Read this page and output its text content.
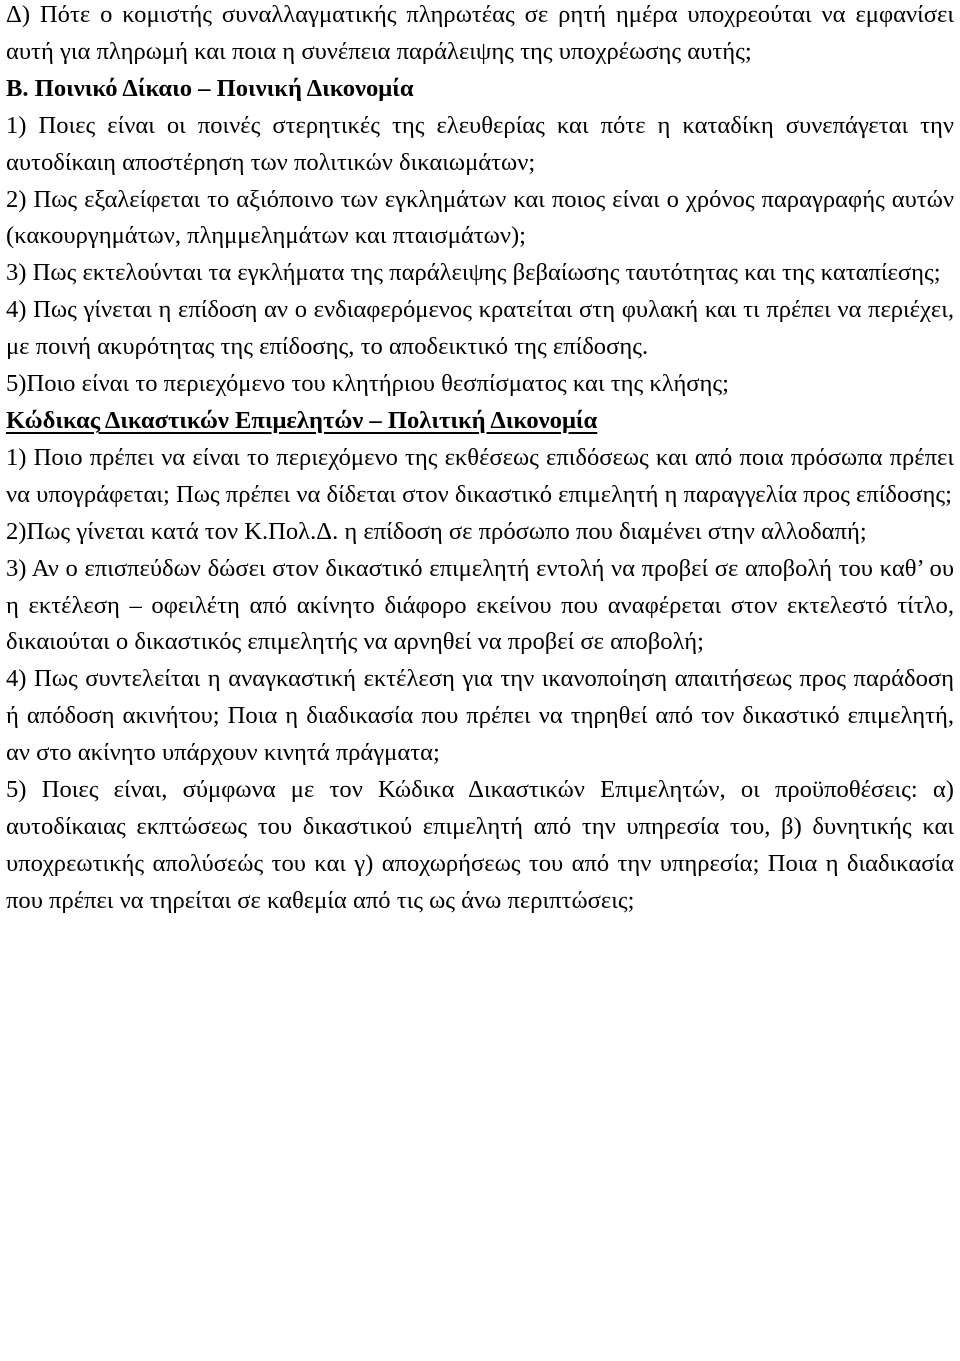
Δ) Πότε ο κομιστής συναλλαγματικής πληρωτέας σε ρητή ημέρα υποχρεούται να εμφανίσει αυτή για πληρωμή και ποια η συνέπεια παράλειψης της υποχρέωσης αυτής;

Β. Ποινικό Δίκαιο – Ποινική Δικονομία

1) Ποιες είναι οι ποινές στερητικές της ελευθερίας και πότε η καταδίκη συνεπάγεται την αυτοδίκαιη αποστέρηση των πολιτικών δικαιωμάτων;

2) Πως εξαλείφεται το αξιόποινο των εγκλημάτων και ποιος είναι ο χρόνος παραγραφής αυτών (κακουργημάτων, πλημμελημάτων και πταισμάτων);

3) Πως εκτελούνται τα εγκλήματα της παράλειψης βεβαίωσης ταυτότητας και της καταπίεσης;

4) Πως γίνεται η επίδοση αν ο ενδιαφερόμενος κρατείται στη φυλακή και τι πρέπει να περιέχει, με ποινή ακυρότητας της επίδοσης, το αποδεικτικό της επίδοσης.

5)Ποιο είναι το περιεχόμενο του κλητήριου θεσπίσματος και της κλήσης;

Κώδικας Δικαστικών Επιμελητών – Πολιτική Δικονομία

1) Ποιο πρέπει να είναι το περιεχόμενο της εκθέσεως επιδόσεως και από ποια πρόσωπα πρέπει να υπογράφεται; Πως πρέπει να δίδεται στον δικαστικό επιμελητή η παραγγελία προς επίδοσης;

2)Πως γίνεται κατά τον Κ.Πολ.Δ. η επίδοση σε πρόσωπο που διαμένει στην αλλοδαπή;

3) Αν ο επισπεύδων δώσει στον δικαστικό επιμελητή εντολή να προβεί σε αποβολή του καθ’ ου η εκτέλεση – οφειλέτη από ακίνητο διάφορο εκείνου που αναφέρεται στον εκτελεστό τίτλο, δικαιούται ο δικαστικός επιμελητής να αρνηθεί να προβεί σε αποβολή;

4) Πως συντελείται η αναγκαστική εκτέλεση για την ικανοποίηση απαιτήσεως προς παράδοση ή απόδοση ακινήτου; Ποια η διαδικασία που πρέπει να τηρηθεί από τον δικαστικό επιμελητή, αν στο ακίνητο υπάρχουν κινητά πράγματα;

5) Ποιες είναι, σύμφωνα με τον Κώδικα Δικαστικών Επιμελητών, οι προϋποθέσεις: α) αυτοδίκαιας εκπτώσεως του δικαστικού επιμελητή από την υπηρεσία του, β) δυνητικής και υποχρεωτικής απολύσεώς του και γ) αποχωρήσεως του από την υπηρεσία; Ποια η διαδικασία που πρέπει να τηρείται σε καθεμία από τις ως άνω περιπτώσεις;
